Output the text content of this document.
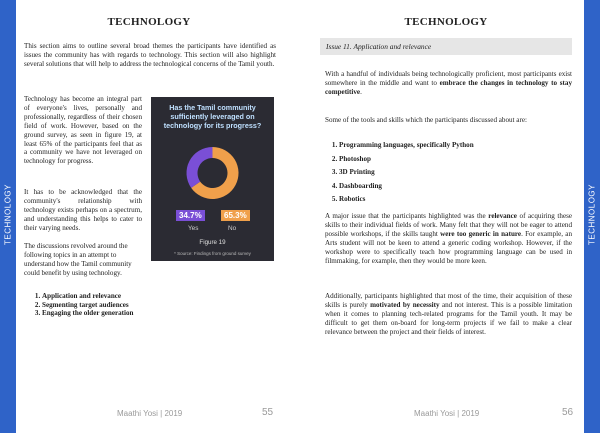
TECHNOLOGY	TECHNOLOGY
TECHNOLOGY
This section aims to outline several broad themes the participants have identified as issues the community has with regards to technology. This section will also highlight several solutions that will help to address the technological concerns of the Tamil youth.
Technology has become an integral part of everyone's lives, personally and professionally, regardless of their chosen field of work. However, based on the ground survey, as seen in figure 19, at least 65% of the participants feel that as a community we have not leveraged on technology for progress.
It has to be acknowledged that the community's relationship with technology exists perhaps on a spectrum, and understanding this helps to cater to their varying needs.
The discussions revolved around the following topics in an attempt to understand how the Tamil community could benefit by using technology.
1. Application and relevance
2. Segmenting target audiences
3. Engaging the older generation
Has the Tamil community sufficiently leveraged on technology for its progress?
Yes	No
34.7%	65.3%
Figure 19
* Source: Findings from ground survey
Maathi Yosi | 2019	55
TECHNOLOGY
Issue 11. Application and relevance
With a handful of individuals being technologically proficient, most participants exist somewhere in the middle and want to embrace the changes in technology to stay competitive.
Some of the tools and skills which the participants discussed about are:
1. Programming languages, specifically Python
2. Photoshop
3. 3D Printing
4. Dashboarding
5. Robotics
A major issue that the participants highlighted was the relevance of acquiring these skills to their individual fields of work. Many felt that they will not be eager to attend possible workshops, if the skills taught were too generic in nature. For example, an Arts student will not be keen to attend a generic coding workshop. However, if the workshop were to specifically teach how programming language can be used in filmmaking, for example, then they would be more keen.
Additionally, participants highlighted that most of the time, their acquisition of these skills is purely motivated by necessity and not interest. This is a possible limitation when it comes to planning tech-related programs for the Tamil youth. It may be difficult to get them on-board for long-term projects if we fail to make a clear relevance between the project and their fields of interest.
Maathi Yosi | 2019	56
